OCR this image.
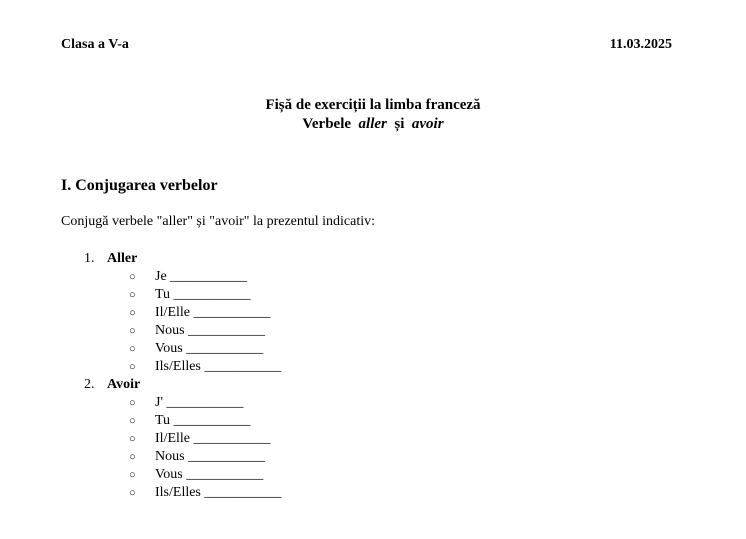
Clasa a V-a	11.03.2025
Fișă de exerciții la limba franceză
Verbele aller și avoir
I. Conjugarea verbelor
Conjugă verbele "aller" și "avoir" la prezentul indicativ:
1. Aller
○ Je ___________
○ Tu ___________
○ Il/Elle ___________
○ Nous ___________
○ Vous ___________
○ Ils/Elles ___________
2. Avoir
○ J' ___________
○ Tu ___________
○ Il/Elle ___________
○ Nous ___________
○ Vous ___________
○ Ils/Elles ___________
